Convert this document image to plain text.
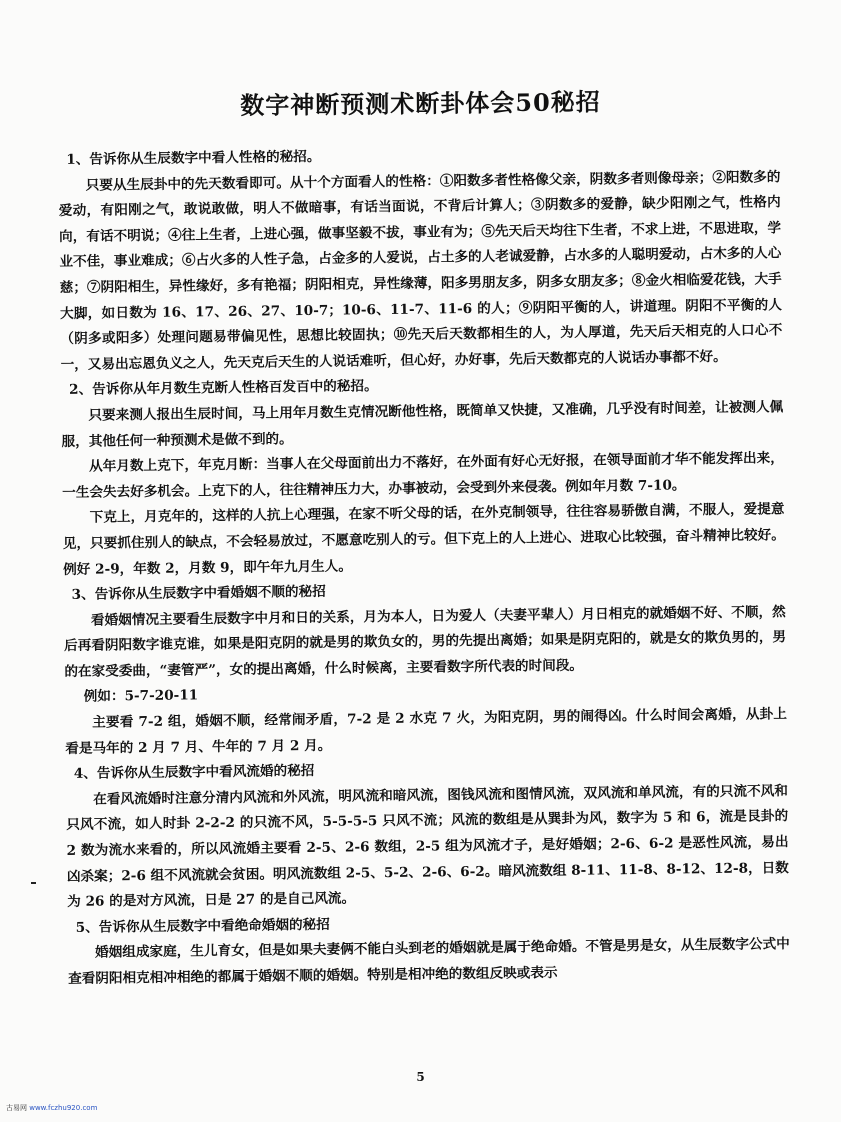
数字神断预测术断卦体会50秘招

1、告诉你从生辰数字中看人性格的秘招。

只要从生辰卦中的先天数看即可。从十个方面看人的性格：①阳数多者性格像父亲，阴数多者则像母亲；②阳数多的爱动，有阳刚之气，敢说敢做，明人不做暗事，有话当面说，不背后计算人；③阴数多的爱静，缺少阳刚之气，性格内向，有话不明说；④往上生者，上进心强，做事坚毅不拔，事业有为；⑤先天后天均往下生者，不求上进，不思进取，学业不佳，事业难成；⑥占火多的人性子急，占金多的人爱说，占土多的人老诚爱静，占水多的人聪明爱动，占木多的人心慈；⑦阴阳相生，异性缘好，多有艳福；阴阳相克，异性缘薄，阳多男朋友多，阴多女朋友多；⑧金火相临爱花钱，大手大脚，如日数为 16、17、26、27、10-7；10-6、11-7、11-6 的人；⑨阴阳平衡的人，讲道理。阴阳不平衡的人（阴多或阳多）处理问题易带偏见性，思想比较固执；⑩先天后天数都相生的人，为人厚道，先天后天相克的人口心不一，又易出忘恩负义之人，先天克后天生的人说话难听，但心好，办好事，先后天数都克的人说话办事都不好。

2、告诉你从年月数生克断人性格百发百中的秘招。

只要来测人报出生辰时间，马上用年月数生克情况断他性格，既简单又快捷，又准确，几乎没有时间差，让被测人佩服，其他任何一种预测术是做不到的。

从年月数上克下，年克月断：当事人在父母面前出力不落好，在外面有好心无好报，在领导面前才华不能发挥出来，一生会失去好多机会。上克下的人，往往精神压力大，办事被动，会受到外来侵袭。例如年月数 7-10。

下克上，月克年的，这样的人抗上心理强，在家不听父母的话，在外克制领导，往往容易骄傲自满，不服人，爱提意见，只要抓住别人的缺点，不会轻易放过，不愿意吃别人的亏。但下克上的人上进心、进取心比较强，奋斗精神比较好。例好 2-9，年数 2，月数 9，即午年九月生人。

3、告诉你从生辰数字中看婚姻不顺的秘招

看婚姻情况主要看生辰数字中月和日的关系，月为本人，日为爱人（夫妻平辈人）月日相克的就婚姻不好、不顺，然后再看阴阳数字谁克谁，如果是阳克阴的就是男的欺负女的，男的先提出离婚；如果是阴克阳的，就是女的欺负男的，男的在家受委曲，“妻管严”，女的提出离婚，什么时候离，主要看数字所代表的时间段。

例如：5-7-20-11

主要看 7-2 组，婚姻不顺，经常闹矛盾，7-2 是 2 水克 7 火，为阳克阴，男的闹得凶。什么时间会离婚，从卦上看是马年的 2 月 7 月、牛年的 7 月 2 月。

4、告诉你从生辰数字中看风流婚的秘招

在看风流婚时注意分清内风流和外风流，明风流和暗风流，图钱风流和图情风流，双风流和单风流，有的只流不风和只风不流，如人时卦 2-2-2 的只流不风，5-5-5-5 只风不流；风流的数组是从巽卦为风，数字为 5 和 6，流是艮卦的 2 数为流水来看的，所以风流婚主要看 2-5、2-6 数组，2-5 组为风流才子，是好婚姻；2-6、6-2 是恶性风流，易出凶杀案；2-6 组不风流就会贫困。明风流数组 2-5、5-2、2-6、6-2。暗风流数组 8-11、11-8、8-12、12-8，日数为 26 的是对方风流，日是 27 的是自己风流。

5、告诉你从生辰数字中看绝命婚姻的秘招

婚姻组成家庭，生儿育女，但是如果夫妻俩不能白头到老的婚姻就是属于绝命婚。不管是男是女，从生辰数字公式中查看阴阳相克相冲相绝的都属于婚姻不顺的婚姻。特别是相冲绝的数组反映或表示

5
古易网 www.fczhu920.com
